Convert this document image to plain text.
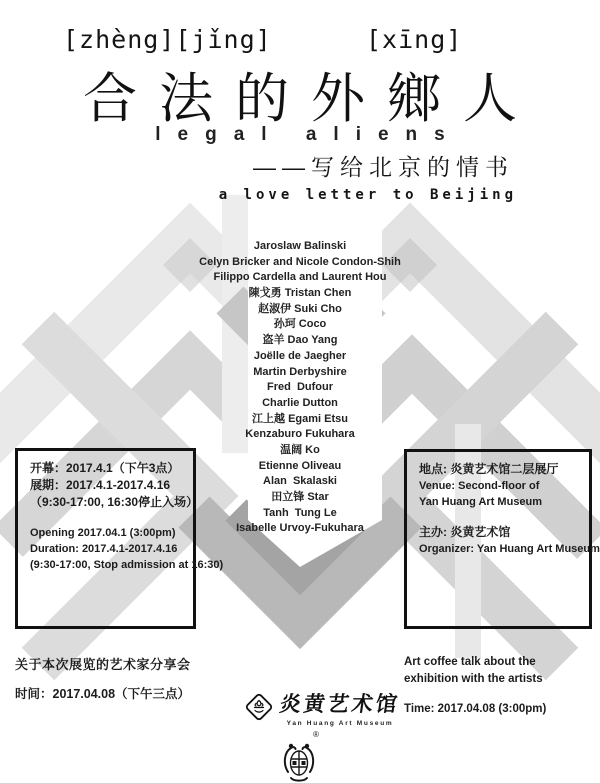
[zhèng][jǐng]	[xīng]
合法的外鄉人
legal aliens
——写给北京的情书
a love letter to Beijing
Jaroslaw Balinski
Celyn Bricker and Nicole Condon-Shih
Filippo Cardella and Laurent Hou
陳戈勇 Tristan Chen
赵淑伊 Suki Cho
孙珂 Coco
盗羊 Dao Yang
Joëlle de Jaegher
Martin Derbyshire
Fred  Dufour
Charlie Dutton
江上越 Egami Etsu
Kenzaburo Fukuhara
温阔 Ko
Etienne Oliveau
Alan  Skalaski
田立锋 Star
Tanh  Tung Le
Isabelle Urvoy-Fukuhara

开幕：2017.4.1（下午3点）

展期：2017.4.1-2017.4.16

（9:30-17:00, 16:30停止入场）

Opening 2017.04.1 (3:00pm)

Duration: 2017.4.1-2017.4.16

(9:30-17:00, Stop admission at 16:30)

地点: 炎黄艺术馆二层展厅

Venue: Second-floor of

Yan Huang Art Museum

主办: 炎黄艺术馆

Organizer: Yan Huang Art Museum

关于本次展览的艺术家分享会
时间：2017.04.08（下午三点）
Art coffee talk about the
exhibition with the artists
Time: 2017.04.08 (3:00pm)
炎黄艺术馆
Yan Huang Art Museum
®
